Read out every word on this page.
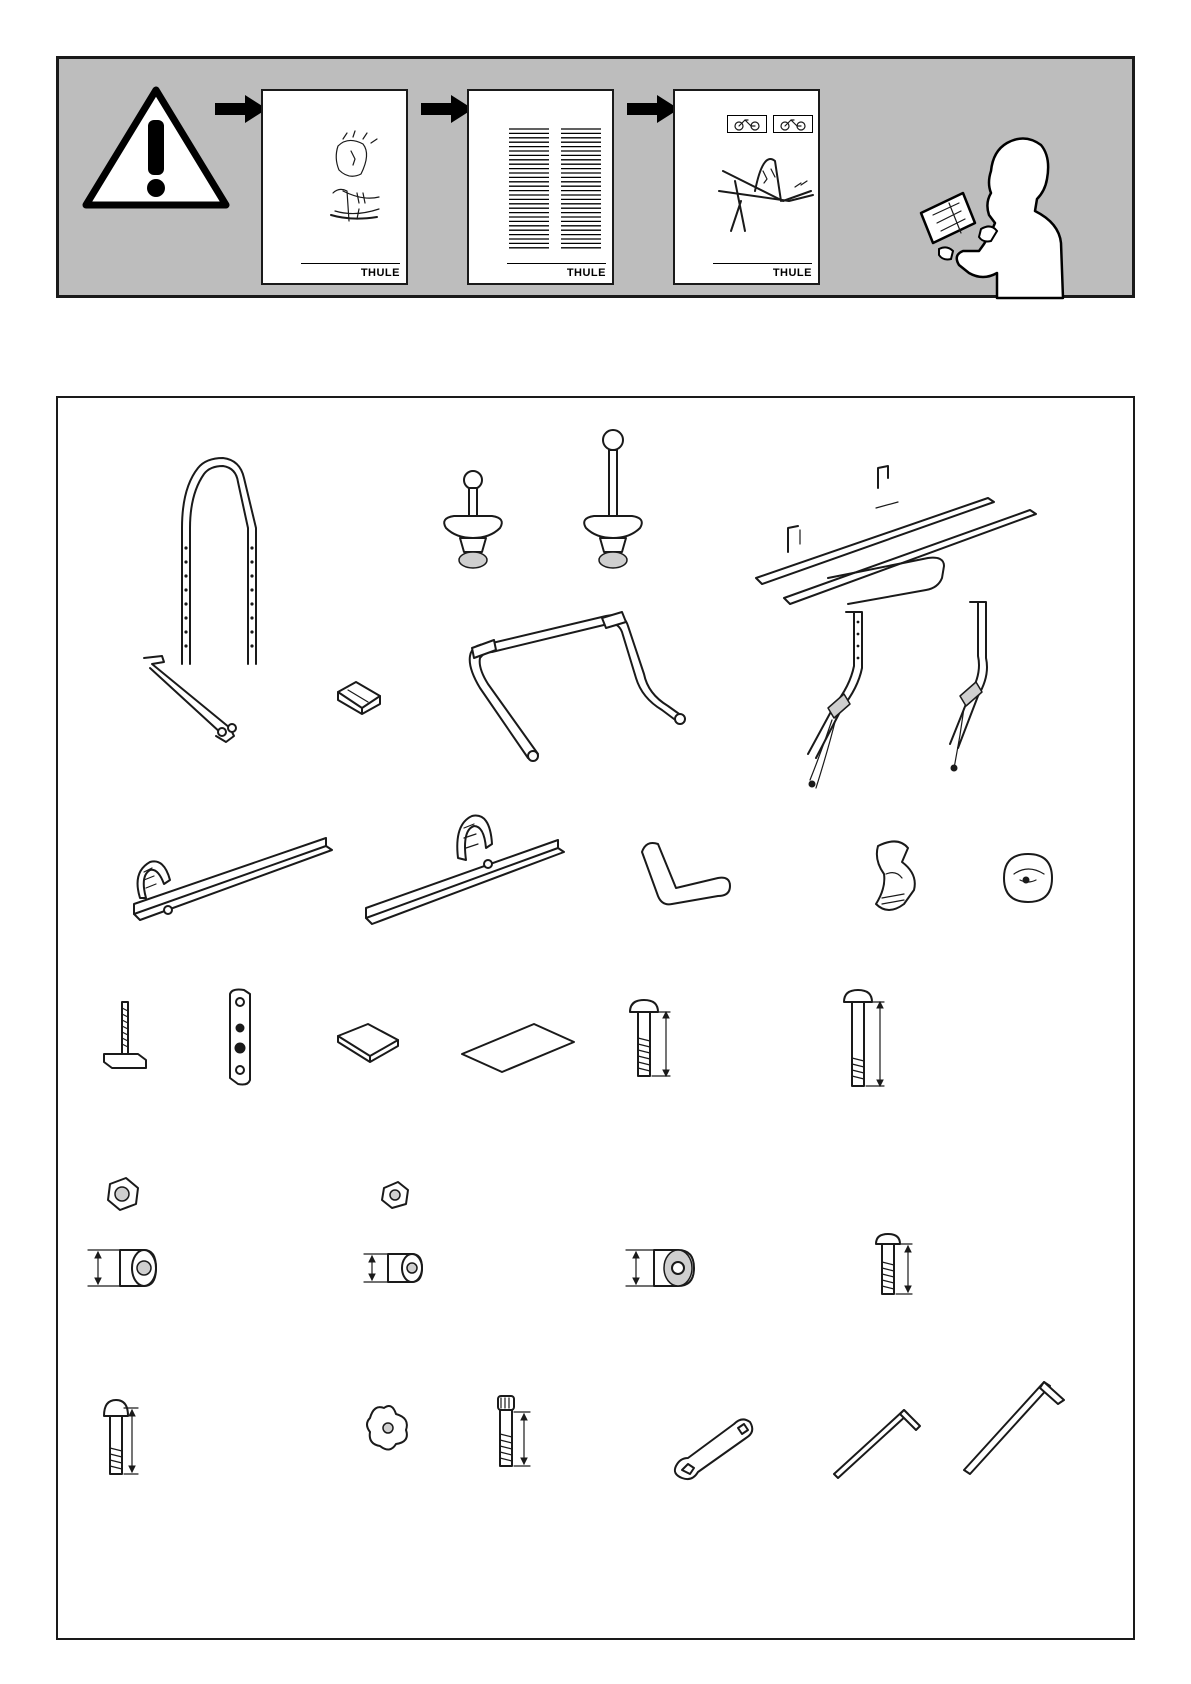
THULE	THULE	THULE
